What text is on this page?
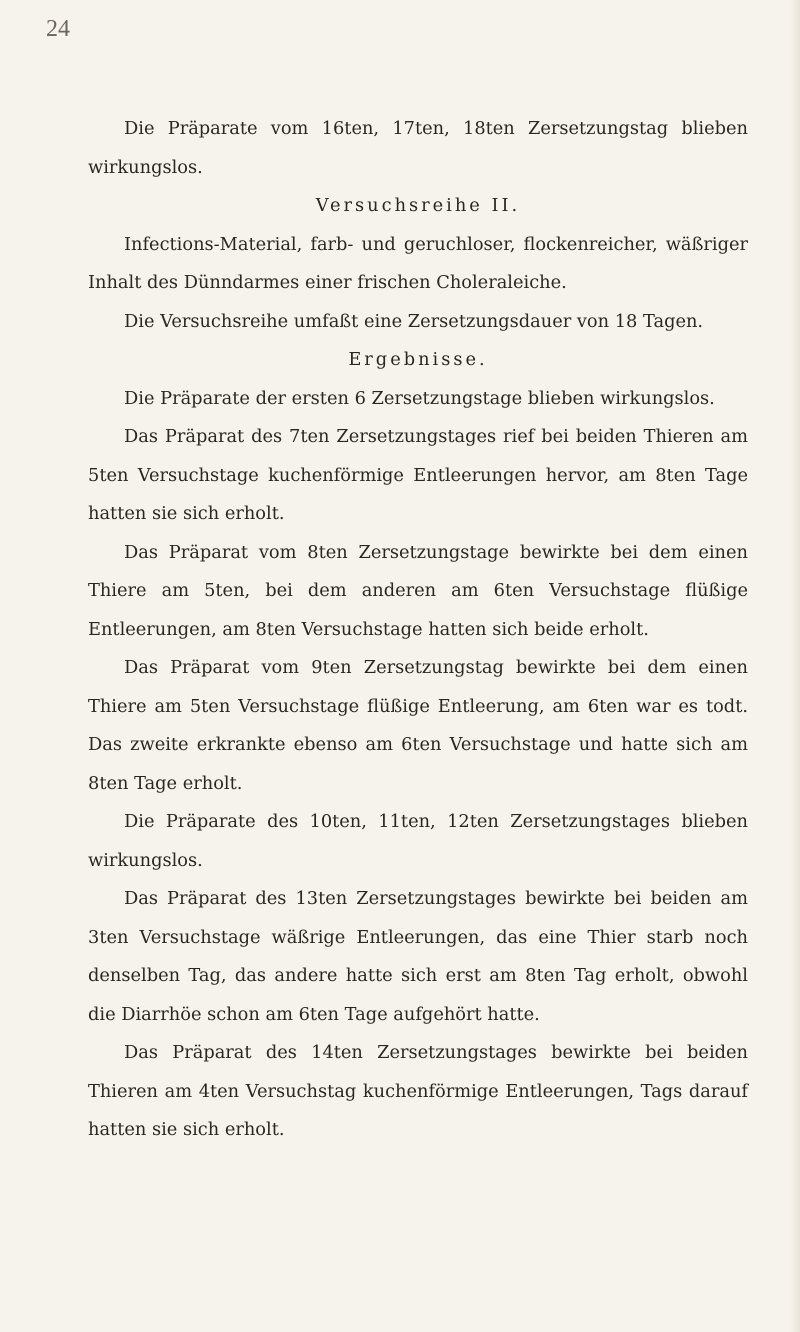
24

Die Präparate vom 16ten, 17ten, 18ten Zersetzungstag blieben wirkungslos.

Versuchsreihe II.

Infections-Material, farb- und geruchloser, flockenreicher, wäßriger Inhalt des Dünndarmes einer frischen Choleraleiche.

Die Versuchsreihe umfaßt eine Zersetzungsdauer von 18 Tagen.

Ergebnisse.

Die Präparate der ersten 6 Zersetzungstage blieben wirkungslos.

Das Präparat des 7ten Zersetzungstages rief bei beiden Thieren am 5ten Versuchstage kuchenförmige Entleerungen hervor, am 8ten Tage hatten sie sich erholt.

Das Präparat vom 8ten Zersetzungstage bewirkte bei dem einen Thiere am 5ten, bei dem anderen am 6ten Versuchstage flüßige Entleerungen, am 8ten Versuchstage hatten sich beide erholt.

Das Präparat vom 9ten Zersetzungstag bewirkte bei dem einen Thiere am 5ten Versuchstage flüßige Entleerung, am 6ten war es todt. Das zweite erkrankte ebenso am 6ten Versuchstage und hatte sich am 8ten Tage erholt.

Die Präparate des 10ten, 11ten, 12ten Zersetzungstages blieben wirkungslos.

Das Präparat des 13ten Zersetzungstages bewirkte bei beiden am 3ten Versuchstage wäßrige Entleerungen, das eine Thier starb noch denselben Tag, das andere hatte sich erst am 8ten Tag erholt, obwohl die Diarrhöe schon am 6ten Tage aufgehört hatte.

Das Präparat des 14ten Zersetzungstages bewirkte bei beiden Thieren am 4ten Versuchstag kuchenförmige Entleerungen, Tags darauf hatten sie sich erholt.
